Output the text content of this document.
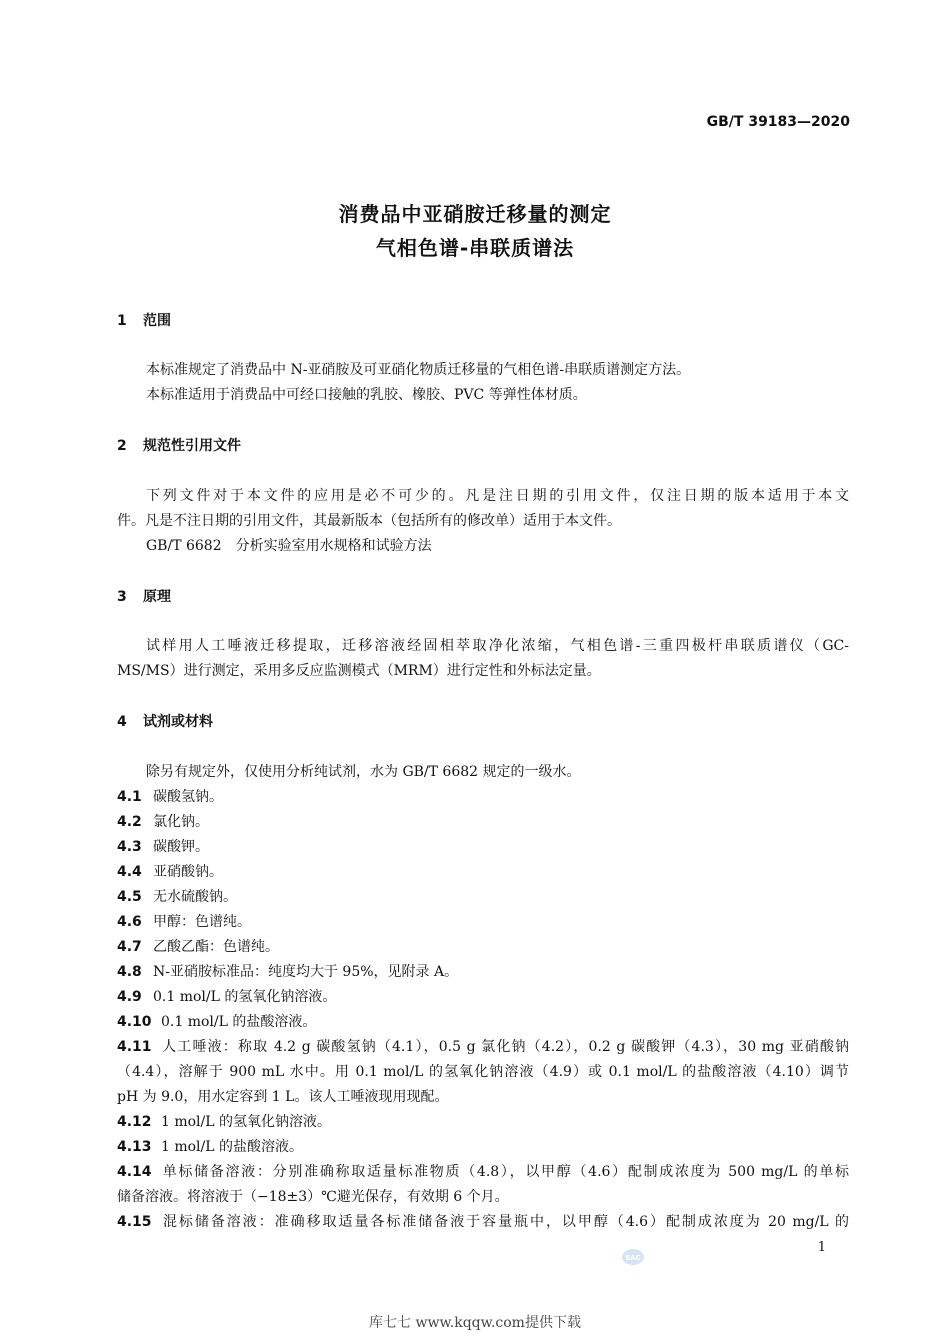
GB/T 39183—2020
消费品中亚硝胺迁移量的测定
气相色谱-串联质谱法
1 范围
本标准规定了消费品中 N-亚硝胺及可亚硝化物质迁移量的气相色谱-串联质谱测定方法。
本标准适用于消费品中可经口接触的乳胶、橡胶、PVC 等弹性体材质。
2 规范性引用文件
下列文件对于本文件的应用是必不可少的。凡是注日期的引用文件，仅注日期的版本适用于本文
件。凡是不注日期的引用文件，其最新版本（包括所有的修改单）适用于本文件。
GB/T 6682　分析实验室用水规格和试验方法
3 原理
试样用人工唾液迁移提取，迁移溶液经固相萃取净化浓缩，气相色谱-三重四极杆串联质谱仪（GC-
MS/MS）进行测定，采用多反应监测模式（MRM）进行定性和外标法定量。
4 试剂或材料
除另有规定外，仅使用分析纯试剂，水为 GB/T 6682 规定的一级水。
4.1 碳酸氢钠。
4.2 氯化钠。
4.3 碳酸钾。
4.4 亚硝酸钠。
4.5 无水硫酸钠。
4.6 甲醇：色谱纯。
4.7 乙酸乙酯：色谱纯。
4.8 N-亚硝胺标准品：纯度均大于 95%，见附录 A。
4.9 0.1 mol/L 的氢氧化钠溶液。
4.10 0.1 mol/L 的盐酸溶液。
4.11 人工唾液：称取 4.2 g 碳酸氢钠（4.1），0.5 g 氯化钠（4.2），0.2 g 碳酸钾（4.3），30 mg 亚硝酸钠
（4.4），溶解于 900 mL 水中。用 0.1 mol/L 的氢氧化钠溶液（4.9）或 0.1 mol/L 的盐酸溶液（4.10）调节
pH 为 9.0，用水定容到 1 L。该人工唾液现用现配。
4.12 1 mol/L 的氢氧化钠溶液。
4.13 1 mol/L 的盐酸溶液。
4.14 单标储备溶液：分别准确称取适量标准物质（4.8），以甲醇（4.6）配制成浓度为 500 mg/L 的单标
储备溶液。将溶液于（−18±3）℃避光保存，有效期 6 个月。
4.15 混标储备溶液：准确移取适量各标准储备液于容量瓶中，以甲醇（4.6）配制成浓度为 20 mg/L 的
1
SAC
库七七 www.kqqw.com提供下载
